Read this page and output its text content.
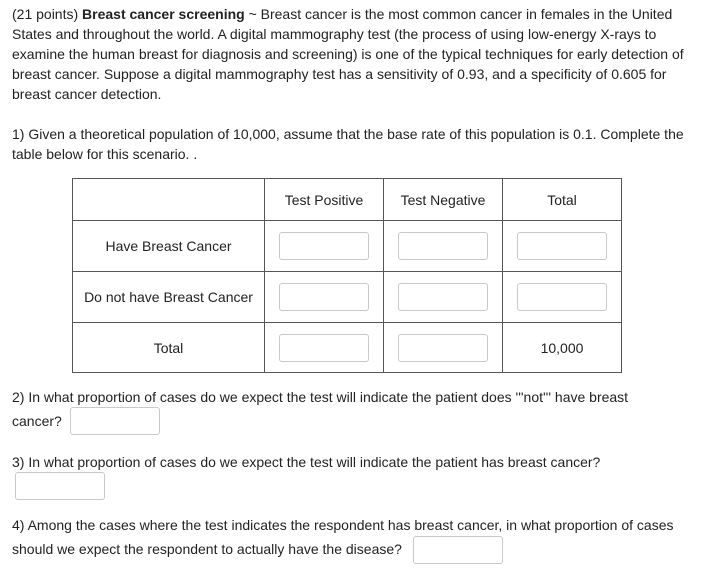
(21 points) Breast cancer screening ~ Breast cancer is the most common cancer in females in the United States and throughout the world. A digital mammography test (the process of using low-energy X-rays to examine the human breast for diagnosis and screening) is one of the typical techniques for early detection of breast cancer. Suppose a digital mammography test has a sensitivity of 0.93, and a specificity of 0.605 for breast cancer detection.

1) Given a theoretical population of 10,000, assume that the base rate of this population is 0.1. Complete the table below for this scenario. .

	Test Positive	Test Negative	Total
Have Breast Cancer			
Do not have Breast Cancer			
Total			10,000

2) In what proportion of cases do we expect the test will indicate the patient does '''not''' have breast

cancer?

3) In what proportion of cases do we expect the test will indicate the patient has breast cancer?

4) Among the cases where the test indicates the respondent has breast cancer, in what proportion of cases

should we expect the respondent to actually have the disease?
